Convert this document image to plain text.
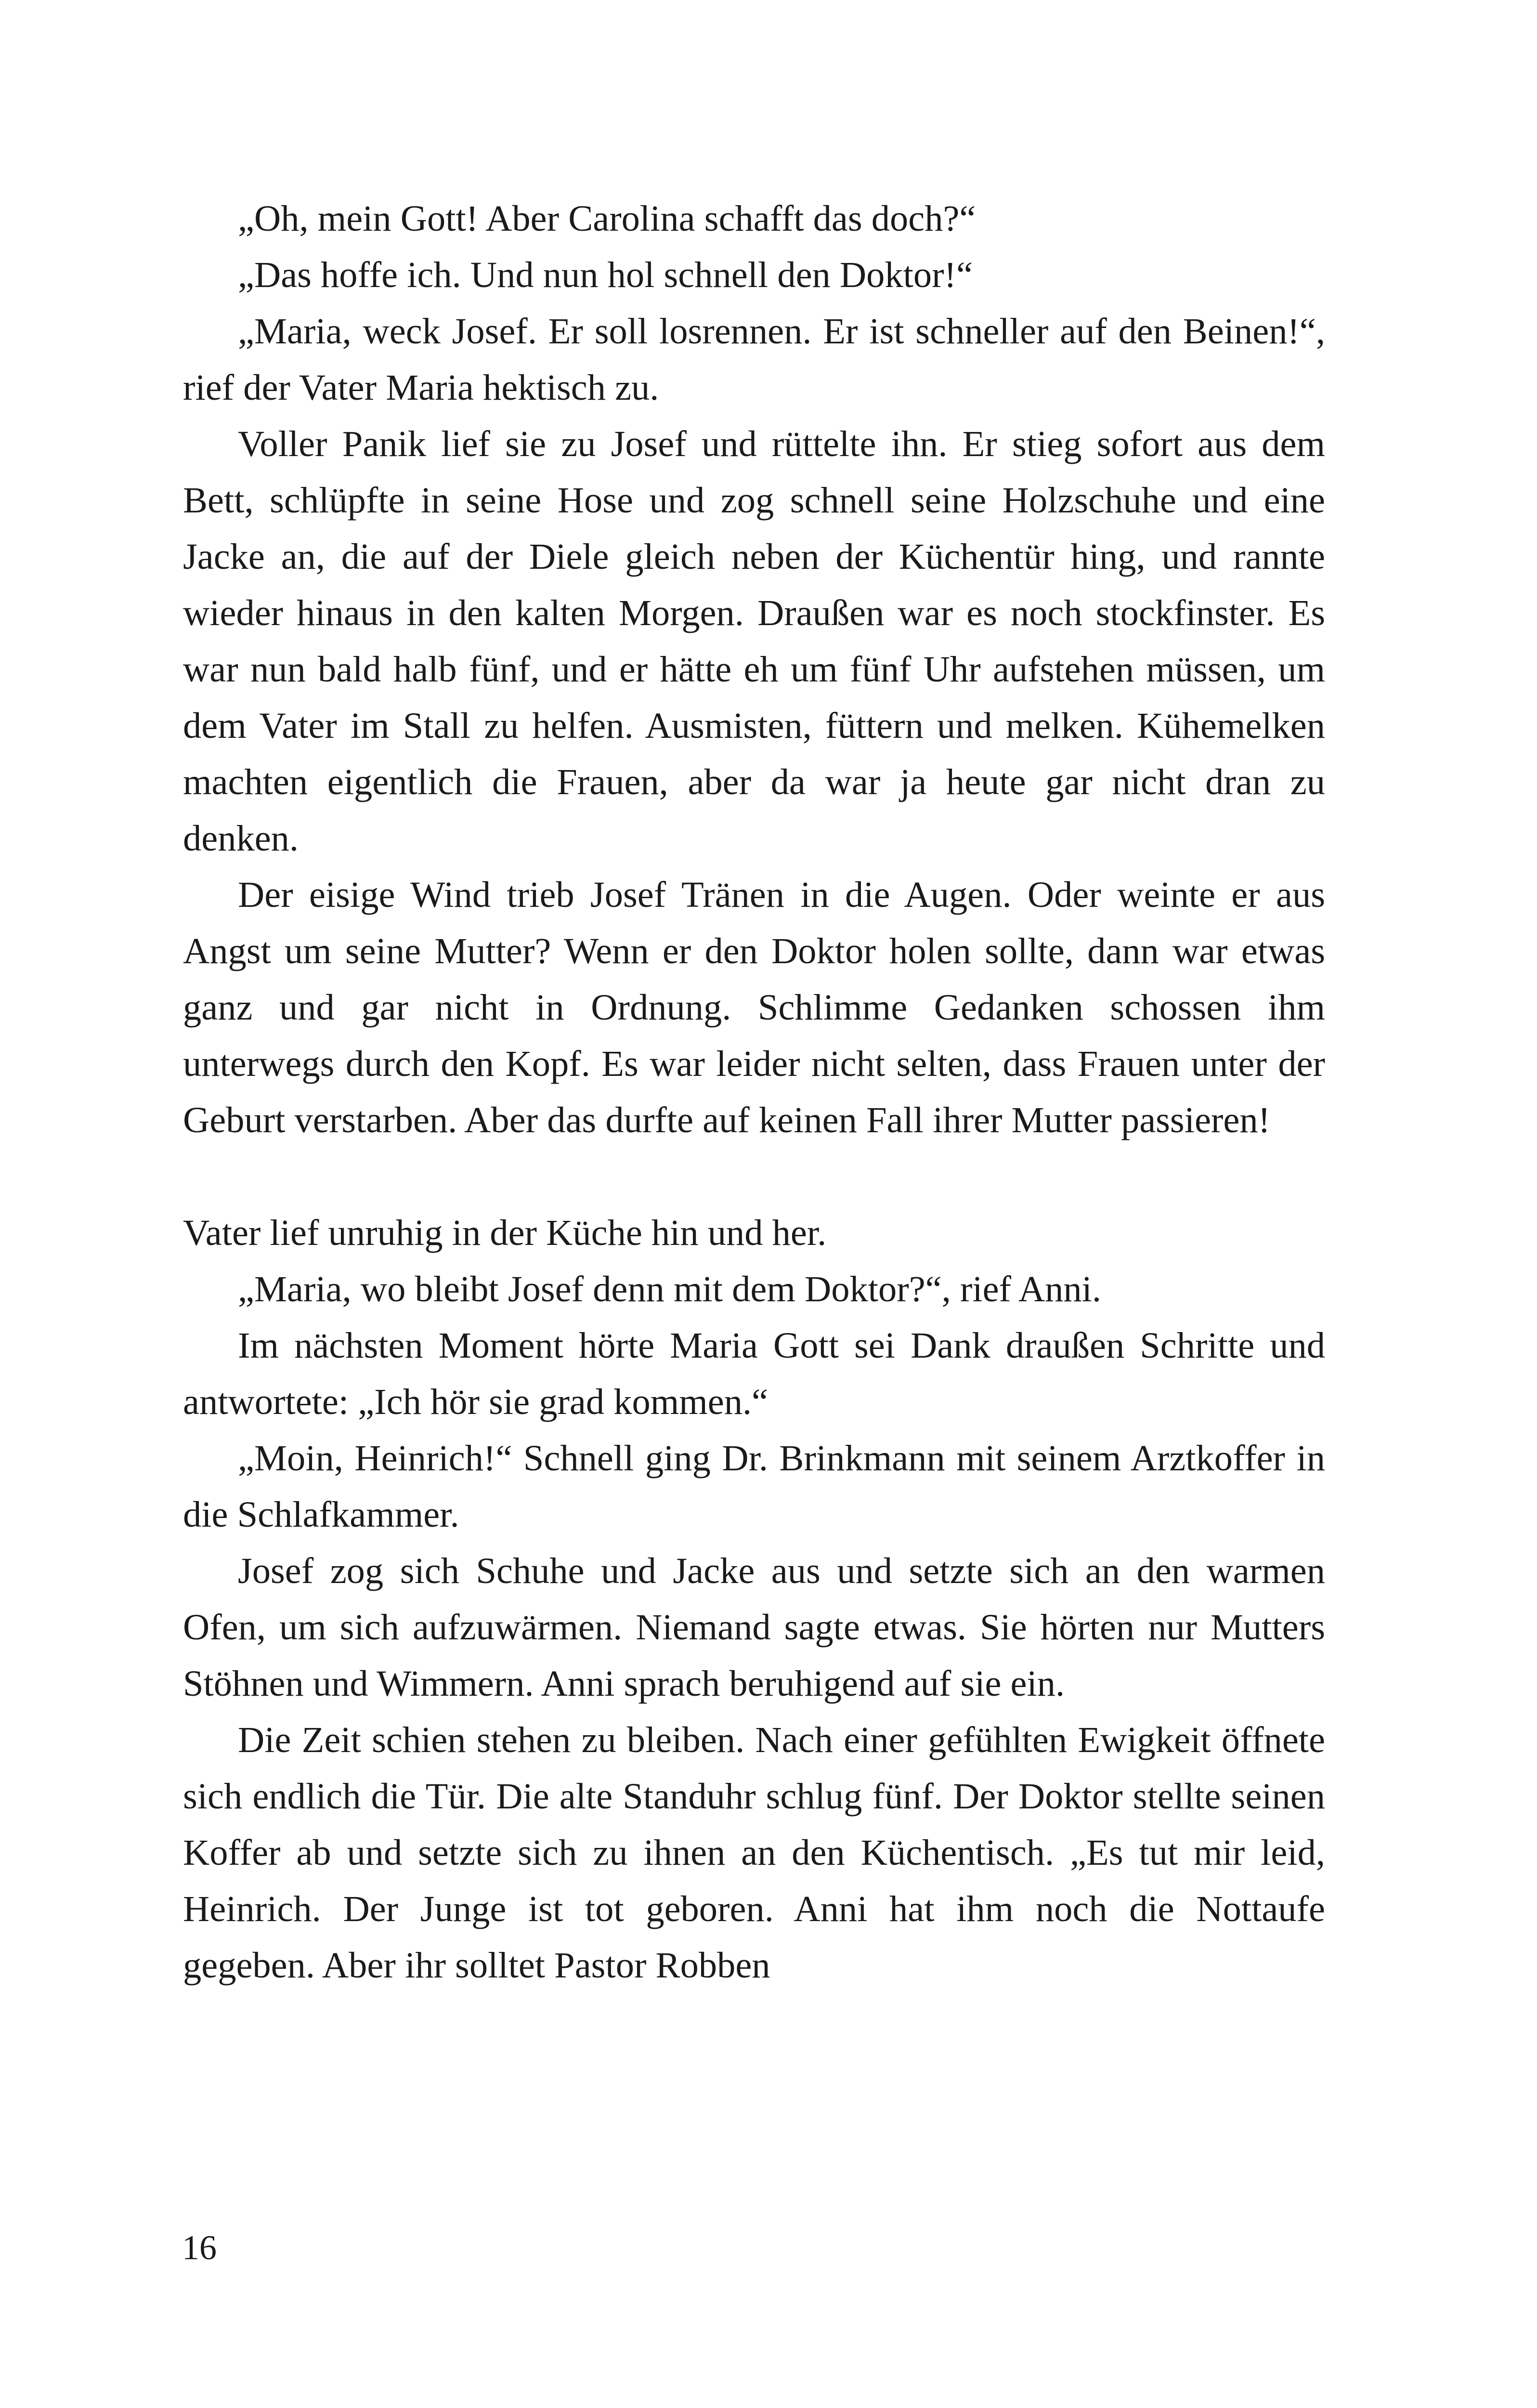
„Oh, mein Gott! Aber Carolina schafft das doch?“

„Das hoffe ich. Und nun hol schnell den Doktor!“

„Maria, weck Josef. Er soll losrennen. Er ist schneller auf den Beinen!“, rief der Vater Maria hektisch zu.

Voller Panik lief sie zu Josef und rüttelte ihn. Er stieg sofort aus dem Bett, schlüpfte in seine Hose und zog schnell seine Holzschuhe und eine Jacke an, die auf der Diele gleich neben der Küchentür hing, und rannte wieder hinaus in den kalten Morgen. Draußen war es noch stockfinster. Es war nun bald halb fünf, und er hätte eh um fünf Uhr aufstehen müssen, um dem Vater im Stall zu helfen. Ausmisten, füttern und melken. Kühemelken machten eigentlich die Frauen, aber da war ja heute gar nicht dran zu denken.

Der eisige Wind trieb Josef Tränen in die Augen. Oder weinte er aus Angst um seine Mutter? Wenn er den Doktor holen sollte, dann war etwas ganz und gar nicht in Ordnung. Schlimme Gedanken schossen ihm unterwegs durch den Kopf. Es war leider nicht selten, dass Frauen unter der Geburt verstarben. Aber das durfte auf keinen Fall ihrer Mutter passieren!

Vater lief unruhig in der Küche hin und her.

„Maria, wo bleibt Josef denn mit dem Doktor?“, rief Anni.

Im nächsten Moment hörte Maria Gott sei Dank draußen Schritte und antwortete: „Ich hör sie grad kommen.“

„Moin, Heinrich!“ Schnell ging Dr. Brinkmann mit seinem Arztkoffer in die Schlafkammer.

Josef zog sich Schuhe und Jacke aus und setzte sich an den warmen Ofen, um sich aufzuwärmen. Niemand sagte etwas. Sie hörten nur Mutters Stöhnen und Wimmern. Anni sprach beruhigend auf sie ein.

Die Zeit schien stehen zu bleiben. Nach einer gefühlten Ewigkeit öffnete sich endlich die Tür. Die alte Standuhr schlug fünf. Der Doktor stellte seinen Koffer ab und setzte sich zu ihnen an den Küchentisch. „Es tut mir leid, Heinrich. Der Junge ist tot geboren. Anni hat ihm noch die Nottaufe gegeben. Aber ihr solltet Pastor Robben

16
